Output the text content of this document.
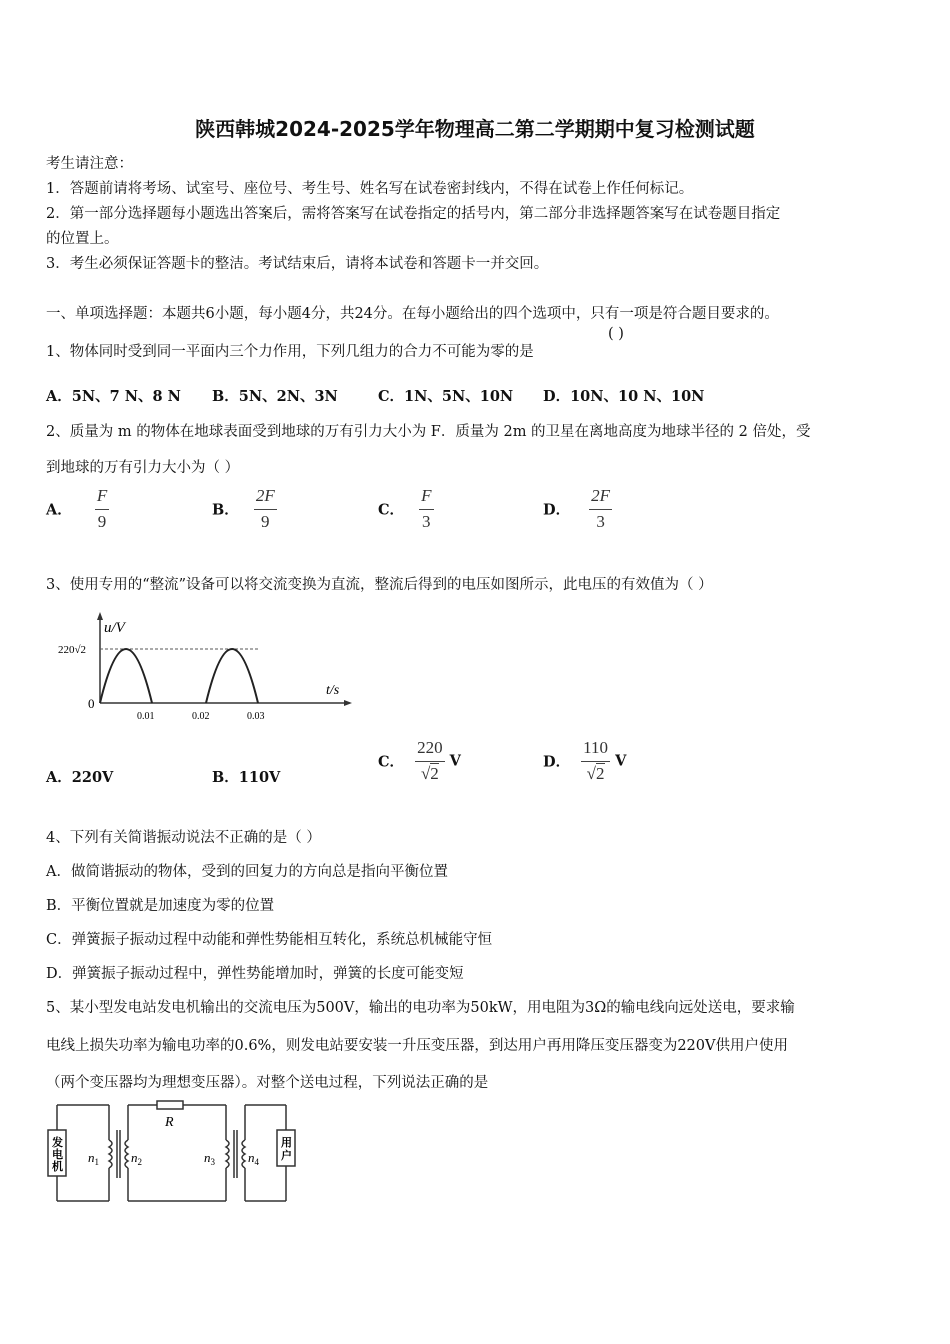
陕西韩城2024-2025学年物理高二第二学期期中复习检测试题
考生请注意：
1．答题前请将考场、试室号、座位号、考生号、姓名写在试卷密封线内，不得在试卷上作任何标记。
2．第一部分选择题每小题选出答案后，需将答案写在试卷指定的括号内，第二部分非选择题答案写在试卷题目指定
的位置上。
3．考生必须保证答题卡的整洁。考试结束后，请将本试卷和答题卡一并交回。
一、单项选择题：本题共6小题，每小题4分，共24分。在每小题给出的四个选项中，只有一项是符合题目要求的。
1、物体同时受到同一平面内三个力作用，下列几组力的合力不可能为零的是
( )
A．5N、7 N、8 N B．5N、2N、3N	C．1N、5N、10N D．10N、10 N、10N
2、质量为 m 的物体在地球表面受到地球的万有引力大小为 F．质量为 2m 的卫星在离地高度为地球半径的 2 倍处，受
到地球的万有引力大小为（ ）
A． $\frac{F}{9}$	B． $\frac{2F}{9}$	C． $\frac{F}{3}$	D． $\frac{2F}{3}$
3、使用专用的“整流”设备可以将交流变换为直流，整流后得到的电压如图所示，此电压的有效值为（ ）
u/V
220√2
0
t/s
0.01	0.02	0.03
A．220V	B．110V
C． $\frac{220}{√2}$ V	D． $\frac{110}{√2}$ V
4、下列有关简谐振动说法不正确的是（ ）
A．做简谐振动的物体，受到的回复力的方向总是指向平衡位置
B．平衡位置就是加速度为零的位置
C．弹簧振子振动过程中动能和弹性势能相互转化，系统总机械能守恒
D．弹簧振子振动过程中，弹性势能增加时，弹簧的长度可能变短
5、某小型发电站发电机输出的交流电压为500V，输出的电功率为50kW，用电阻为3Ω的输电线向远处送电，要求输
电线上损失功率为输电功率的0.6%，则发电站要安装一升压变压器，到达用户再用降压变压器变为220V供用户使用
（两个变压器均为理想变压器）。对整个送电过程，下列说法正确的是
发
电
机
用
户
R
$n_1$ $n_2$	$n_3$	$n_4$
